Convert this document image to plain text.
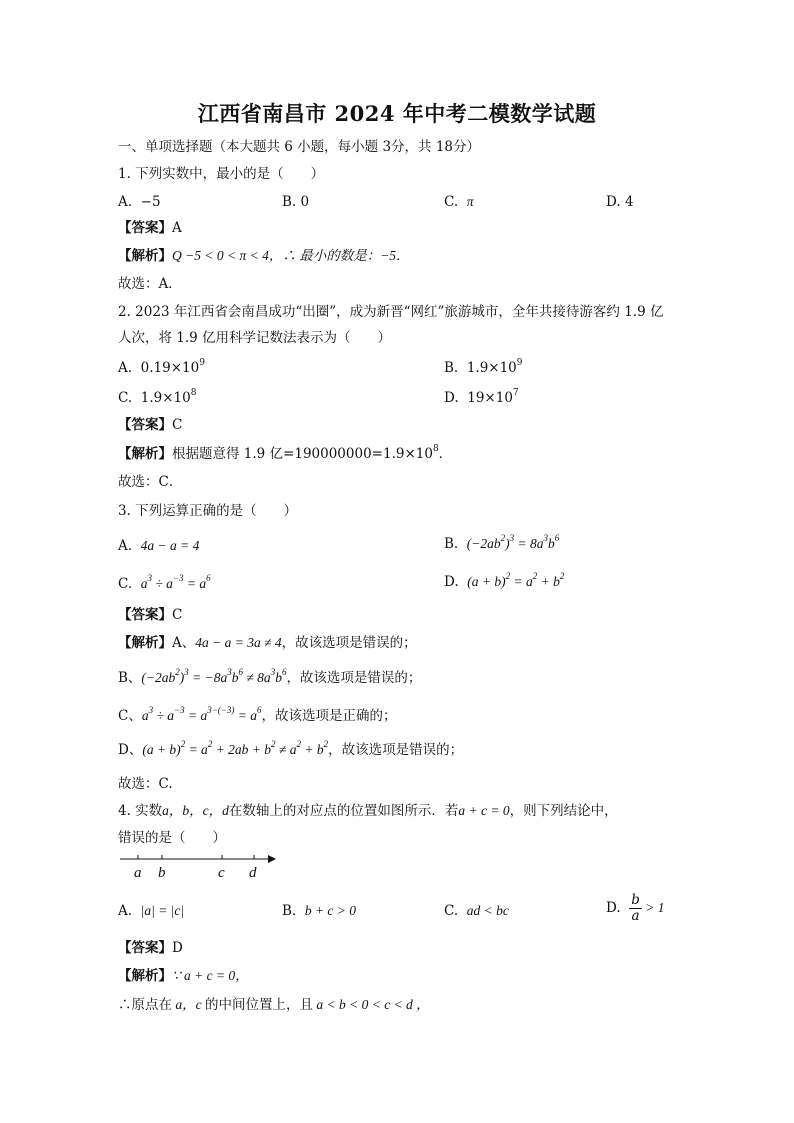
江西省南昌市 2024 年中考二模数学试题
一、单项选择题（本大题共 6 小题，每小题 3分，共 18分）
1. 下列实数中，最小的是（　　）
A. −5	B. 0	C. π	D. 4
【答案】A
【解析】Q −5 < 0 < π < 4，∴ 最小的数是：−5．
故选：A．
2. 2023 年江西省会南昌成功“出圈”，成为新晋“网红”旅游城市，全年共接待游客约 1.9 亿
人次，将 1.9 亿用科学记数法表示为（　　）
A. $0.19\times 10^9$	B. $1.9\times 10^9$
C. $1.9\times 10^8$	D. $19\times 10^7$
【答案】C
【解析】根据题意得 1.9 亿$=190000000=1.9\times 10^8$．
故选：C．
3. 下列运算正确的是（　　）
A.  4a − a = 4	B.  $(-2ab^2)^3 = 8a^3b^6$
C.  $a^3 \div a^{-3} = a^6$	D.  $(a + b)^2 = a^2 + b^2$
【答案】C
【解析】A、4a − a = 3a ≠ 4，故该选项是错误的；
B、$(-2ab^2)^3 = -8a^3b^6 \ne 8a^3b^6$，故该选项是错误的；
C、$a^3 \div a^{-3} = a^{3-(-3)} = a^6$，故该选项是正确的；
D、$(a + b)^2 = a^2 + 2ab + b^2 \ne a^2 + b^2$，故该选项是错误的；
故选：C.
4. 实数a，b，c，d在数轴上的对应点的位置如图所示．若a + c = 0，则下列结论中，
错误的是（　　）
a b	c d
A. |a| = |c|	B. b + c > 0	C. ad < bc	D. $\frac{b}{a} > 1$
【答案】D
【解析】∵ a + c = 0，
∴原点在 a，c 的中间位置上，且 a < b < 0 < c < d ，
